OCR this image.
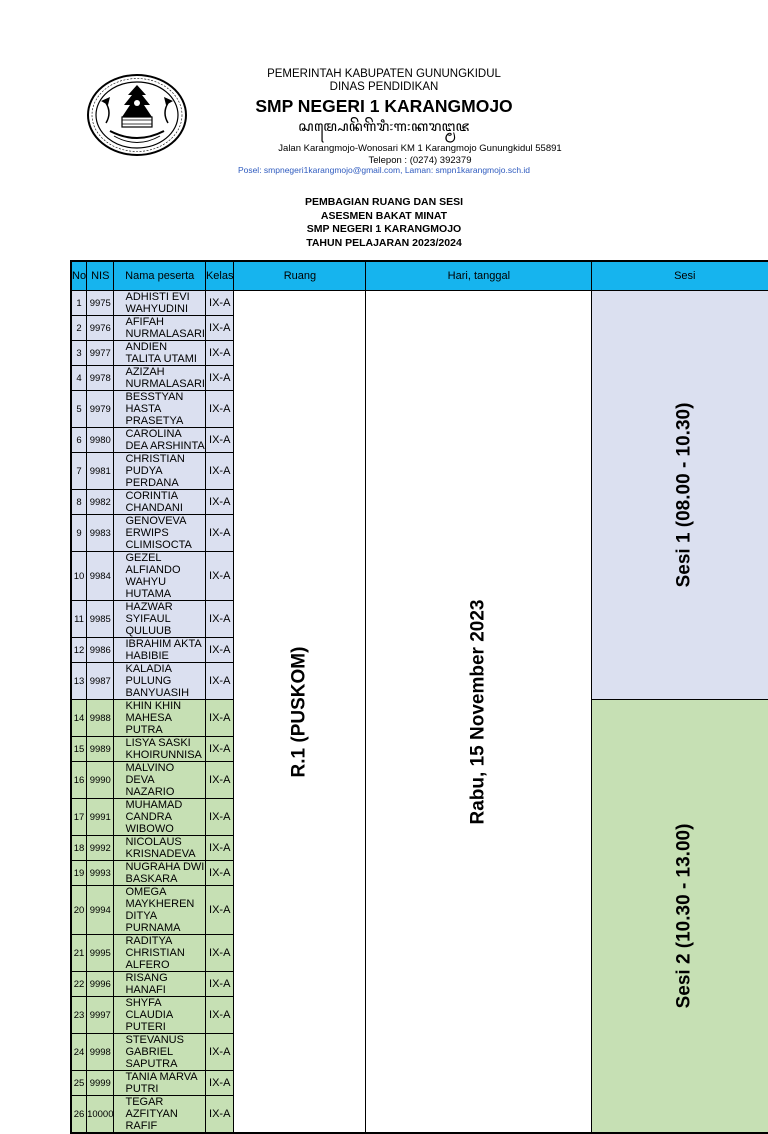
PEMERINTAH KABUPATEN GUNUNGKIDUL
DINAS PENDIDIKAN
SMP NEGERI 1 KARANGMOJO
ꦱꦩ꧀ꦥꦺꦤꦼꦒꦼꦫꦶ꧇꧑꧇ꦏꦫꦔ꧀ꦩꦗ
Jalan Karangmojo-Wonosari KM 1 Karangmojo Gunungkidul 55891
Telepon : (0274) 392379
Posel: smpnegeri1karangmojo@gmail.com, Laman: smpn1karangmojo.sch.id
PEMBAGIAN RUANG DAN SESI
ASESMEN BAKAT MINAT
SMP NEGERI 1 KARANGMOJO
TAHUN PELAJARAN 2023/2024
No	NIS	Nama peserta	Kelas	Ruang	Hari, tanggal	Sesi
1	9975	ADHISTI EVI WAHYUDINI	IX-A	R.1 (PUSKOM)	Rabu, 15 November 2023	Sesi 1 (08.00 - 10.30)
2	9976	AFIFAH NURMALASARI	IX-A			
3	9977	ANDIEN TALITA UTAMI	IX-A			
4	9978	AZIZAH NURMALASARI	IX-A			
5	9979	BESSTYAN HASTA PRASETYA	IX-A			
6	9980	CAROLINA DEA ARSHINTA	IX-A			
7	9981	CHRISTIAN PUDYA PERDANA	IX-A			
8	9982	CORINTIA CHANDANI	IX-A			
9	9983	GENOVEVA ERWIPS CLIMISOCTA	IX-A			
10	9984	GEZEL ALFIANDO WAHYU HUTAMA	IX-A			
11	9985	HAZWAR SYIFAUL QULUUB	IX-A			
12	9986	IBRAHIM AKTA HABIBIE	IX-A			
13	9987	KALADIA PULUNG BANYUASIH	IX-A			
14	9988	KHIN KHIN MAHESA PUTRA	IX-A			Sesi 2 (10.30 - 13.00)
15	9989	LISYA SASKI KHOIRUNNISA	IX-A			
16	9990	MALVINO DEVA NAZARIO	IX-A			
17	9991	MUHAMAD CANDRA WIBOWO	IX-A			
18	9992	NICOLAUS KRISNADEVA	IX-A			
19	9993	NUGRAHA DWI BASKARA	IX-A			
20	9994	OMEGA MAYKHEREN DITYA PURNAMA	IX-A			
21	9995	RADITYA CHRISTIAN ALFERO	IX-A			
22	9996	RISANG HANAFI	IX-A			
23	9997	SHYFA CLAUDIA PUTERI	IX-A			
24	9998	STEVANUS GABRIEL SAPUTRA	IX-A			
25	9999	TANIA MARVA PUTRI	IX-A			
26	10000	TEGAR AZFITYAN RAFIF	IX-A			
